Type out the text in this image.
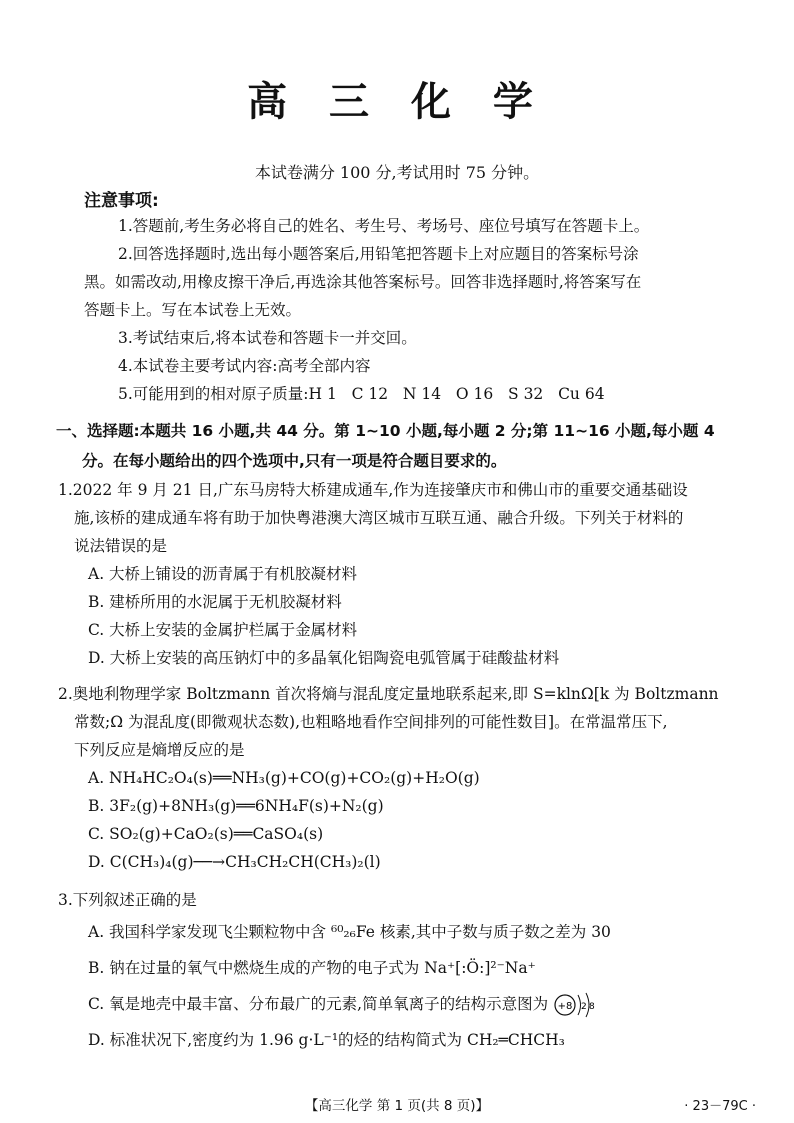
高 三 化 学
本试卷满分 100 分,考试用时 75 分钟。
注意事项:
1.答题前,考生务必将自己的姓名、考生号、考场号、座位号填写在答题卡上。
2.回答选择题时,选出每小题答案后,用铅笔把答题卡上对应题目的答案标号涂
黑。如需改动,用橡皮擦干净后,再选涂其他答案标号。回答非选择题时,将答案写在
答题卡上。写在本试卷上无效。
3.考试结束后,将本试卷和答题卡一并交回。
4.本试卷主要考试内容:高考全部内容
5.可能用到的相对原子质量:H 1   C 12   N 14   O 16   S 32   Cu 64
一、选择题:本题共 16 小题,共 44 分。第 1~10 小题,每小题 2 分;第 11~16 小题,每小题 4
分。在每小题给出的四个选项中,只有一项是符合题目要求的。
1.2022 年 9 月 21 日,广东马房特大桥建成通车,作为连接肇庆市和佛山市的重要交通基础设
施,该桥的建成通车将有助于加快粤港澳大湾区城市互联互通、融合升级。下列关于材料的
说法错误的是
A. 大桥上铺设的沥青属于有机胶凝材料
B. 建桥所用的水泥属于无机胶凝材料
C. 大桥上安装的金属护栏属于金属材料
D. 大桥上安装的高压钠灯中的多晶氧化铝陶瓷电弧管属于硅酸盐材料
2.奥地利物理学家 Boltzmann 首次将熵与混乱度定量地联系起来,即 S=klnΩ[k 为 Boltzmann
常数;Ω 为混乱度(即微观状态数),也粗略地看作空间排列的可能性数目]。在常温常压下,
下列反应是熵增反应的是
A. NH₄HC₂O₄(s)══NH₃(g)+CO(g)+CO₂(g)+H₂O(g)
B. 3F₂(g)+8NH₃(g)══6NH₄F(s)+N₂(g)
C. SO₂(g)+CaO₂(s)══CaSO₄(s)
D. C(CH₃)₄(g)──→CH₃CH₂CH(CH₃)₂(l)
3.下列叙述正确的是
A. 我国科学家发现飞尘颗粒物中含 ⁶⁰₂₆Fe 核素,其中子数与质子数之差为 30
B. 钠在过量的氧气中燃烧生成的产物的电子式为 Na⁺[:Ö:]²⁻Na⁺
C. 氧是地壳中最丰富、分布最广的元素,简单氧离子的结构示意图为 +8 2 8
D. 标准状况下,密度约为 1.96 g·L⁻¹的烃的结构简式为 CH₂═CHCH₃
【高三化学 第 1 页(共 8 页)】	· 23－79C ·
